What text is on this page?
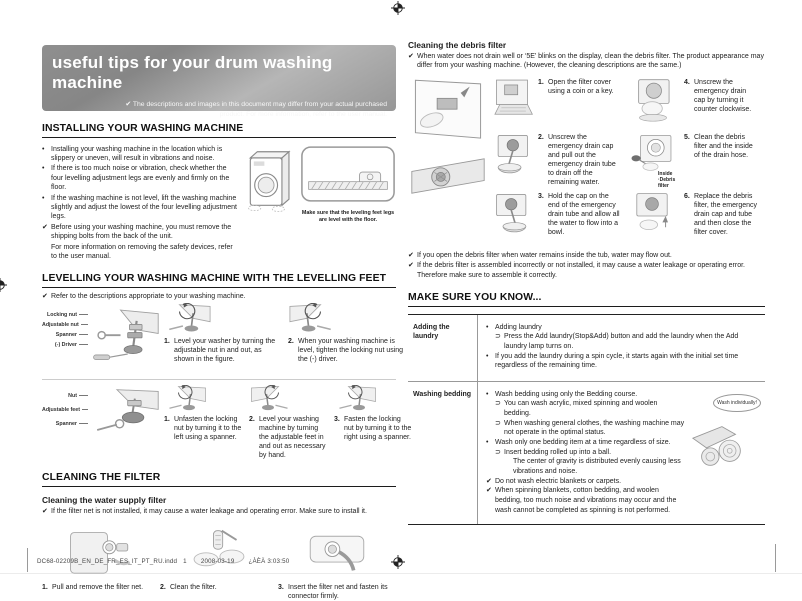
useful tips for your drum washing machine
✔ The descriptions and images in this document may differ from your actual purchased product. For more information, refer to the user manual.
INSTALLING YOUR WASHING MACHINE
• Installing your washing machine in the location which is slippery or uneven, will result in vibrations and noise.
• If there is too much noise or vibration, check whether the four levelling adjustment legs are evenly and firmly on the floor.
• If the washing machine is not level, lift the washing machine slightly and adjust the lowest of the four levelling adjustment legs.
✔ Before using your washing machine, you must remove the shipping bolts from the back of the unit.
For more information on removing the safety devices, refer to the user manual.
Make sure that the leveling feet legs are level with the floor.
LEVELLING YOUR WASHING MACHINE WITH THE LEVELLING FEET
✔ Refer to the descriptions appropriate to your washing machine.
Locking nut
Adjustable nut
Spanner
(-) Driver	1. Level your washer by turning the adjustable nut in and out, as shown in the figure.
2. When your washing machine is level, tighten the locking nut using the (-) driver.
Nut
Adjustable feet
Spanner
1. Unfasten the locking nut by turning it to the left using a spanner.
2. Level your washing machine by turning the adjustable feet in and out as necessary by hand.
3. Fasten the locking nut by turning it to the right using a spanner.
CLEANING THE FILTER
Cleaning the water supply filter
✔ If the filter net is not installed, it may cause a water leakage and operating error. Make sure to install it.
1. Pull and remove the filter net. 2. Clean the filter.	3. Insert the filter net and fasten its connector firmly.
Cleaning the debris filter
✔ When water does not drain well or ‘5E’ blinks on the display, clean the debris filter. The product appearance may differ from your washing machine. (However, the cleaning descriptions are the same.)

1. Open the filter cover using a coin or a key.
4. Unscrew the emergency drain cap by turning it counter clockwise.
2. Unscrew the emergency drain cap and pull out the emergency drain tube to drain off the remaining water.
Inside ·Debris filter
5. Clean the debris filter and the inside of the drain hose.
3. Hold the cap on the end of the emergency drain tube and allow all the water to flow into a bowl.
6. Replace the debris filter, the emergency drain cap and tube and then close the filter cover.
✔ If you open the debris filter when water remains inside the tub, water may flow out.
✔ If the debris filter is assembled incorrectly or not installed, it may cause a water leakage or operating error. Therefore make sure to assemble it correctly.
MAKE SURE YOU KNOW...
Adding the laundry
• Adding laundry
⊃ Press the Add laundry(Stop&Add) button and add the laundry when the Add laundry lamp turns on.
• If you add the laundry during a spin cycle, it starts again with the initial set time regardless of the remaining time.
Washing bedding	• Wash bedding using only the Bedding course.
⊃ You can wash acrylic, mixed spinning and woolen bedding.
⊃ When washing general clothes, the washing machine may not operate in the optimal status.
• Wash only one bedding item at a time regardless of size.
⊃ Insert bedding rolled up into a ball.
The center of gravity is distributed evenly causing less vibrations and noise.
✔ Do not wash electric blankets or carpets.
✔ When spinning blankets, cotton bedding, and woolen bedding, too much noise and vibrations may occur and the wash cannot be completed as spinning is not performed.
Wash individually!
DC68-02209B_EN_DE_FR_ES_IT_PT_RU.indd 1 2008-03-19 ¿ÀÈÄ 3:03:50
